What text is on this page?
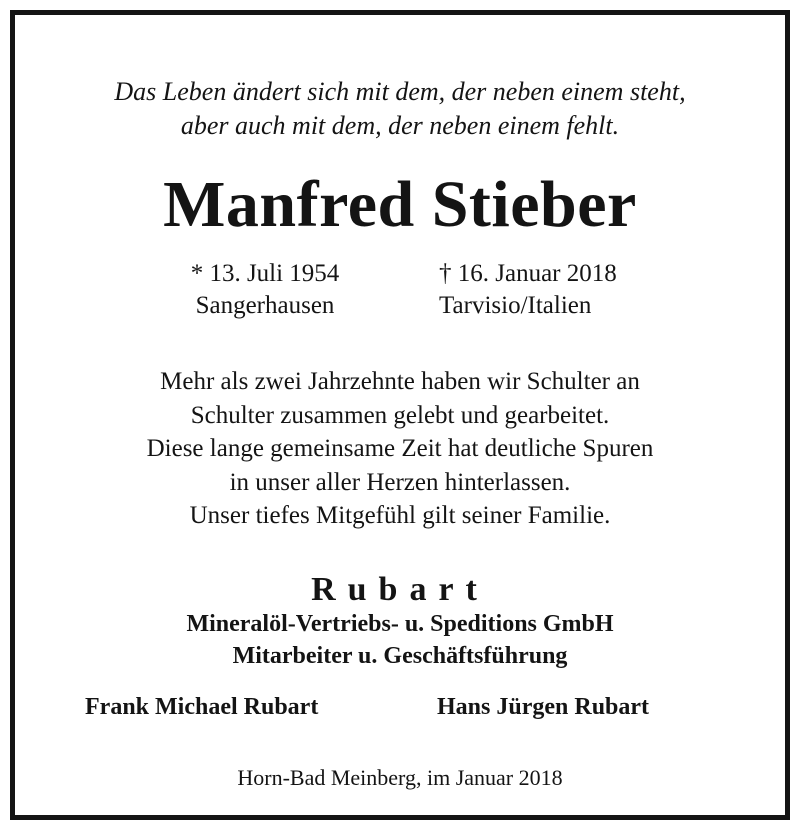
Das Leben ändert sich mit dem, der neben einem steht,
aber auch mit dem, der neben einem fehlt.
Manfred Stieber
* 13. Juli 1954
Sangerhausen
† 16. Januar 2018
Tarvisio/Italien
Mehr als zwei Jahrzehnte haben wir Schulter an
Schulter zusammen gelebt und gearbeitet.
Diese lange gemeinsame Zeit hat deutliche Spuren
in unser aller Herzen hinterlassen.
Unser tiefes Mitgefühl gilt seiner Familie.
Rubart
Mineralöl-Vertriebs- u. Speditions GmbH
Mitarbeiter u. Geschäftsführung
Frank Michael Rubart	Hans Jürgen Rubart
Horn-Bad Meinberg, im Januar 2018
